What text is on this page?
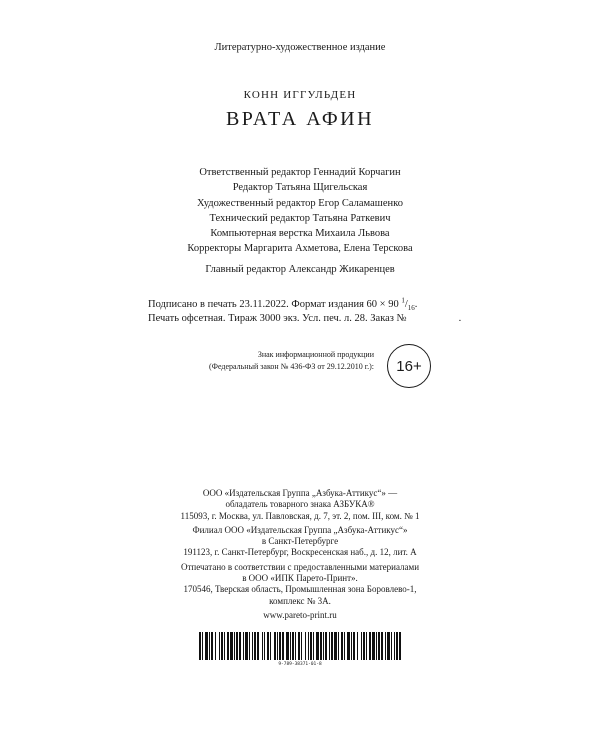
Литературно-художественное издание
КОНН ИГГУЛЬДЕН
ВРАТА АФИН
Ответственный редактор Геннадий Корчагин
Редактор Татьяна Щигельская
Художественный редактор Егор Саламашенко
Технический редактор Татьяна Раткевич
Компьютерная верстка Михаила Львова
Корректоры Маргарита Ахметова, Елена Терскова
Главный редактор Александр Жикаренцев
Подписано в печать 23.11.2022. Формат издания 60 × 90 $^1/_{16}$.
Печать офсетная. Тираж 3000 экз. Усл. печ. л. 28. Заказ №	.
Знак информационной продукции
(Федеральный закон № 436-ФЗ от 29.12.2010 г.):	16+
ООО «Издательская Группа „Азбука-Аттикус“» —
обладатель товарного знака АЗБУКА®
115093, г. Москва, ул. Павловская, д. 7, эт. 2, пом. III, ком. № 1
Филиал ООО «Издательская Группа „Азбука-Аттикус“»
в Санкт-Петербурге
191123, г. Санкт-Петербург, Воскресенская наб., д. 12, лит. А
Отпечатано в соответствии с предоставленными материалами
в ООО «ИПК Парето-Принт».
170546, Тверская область, Промышленная зона Боровлево-1,
комплекс № 3А.
www.pareto-print.ru
9-789-38371-01-8
